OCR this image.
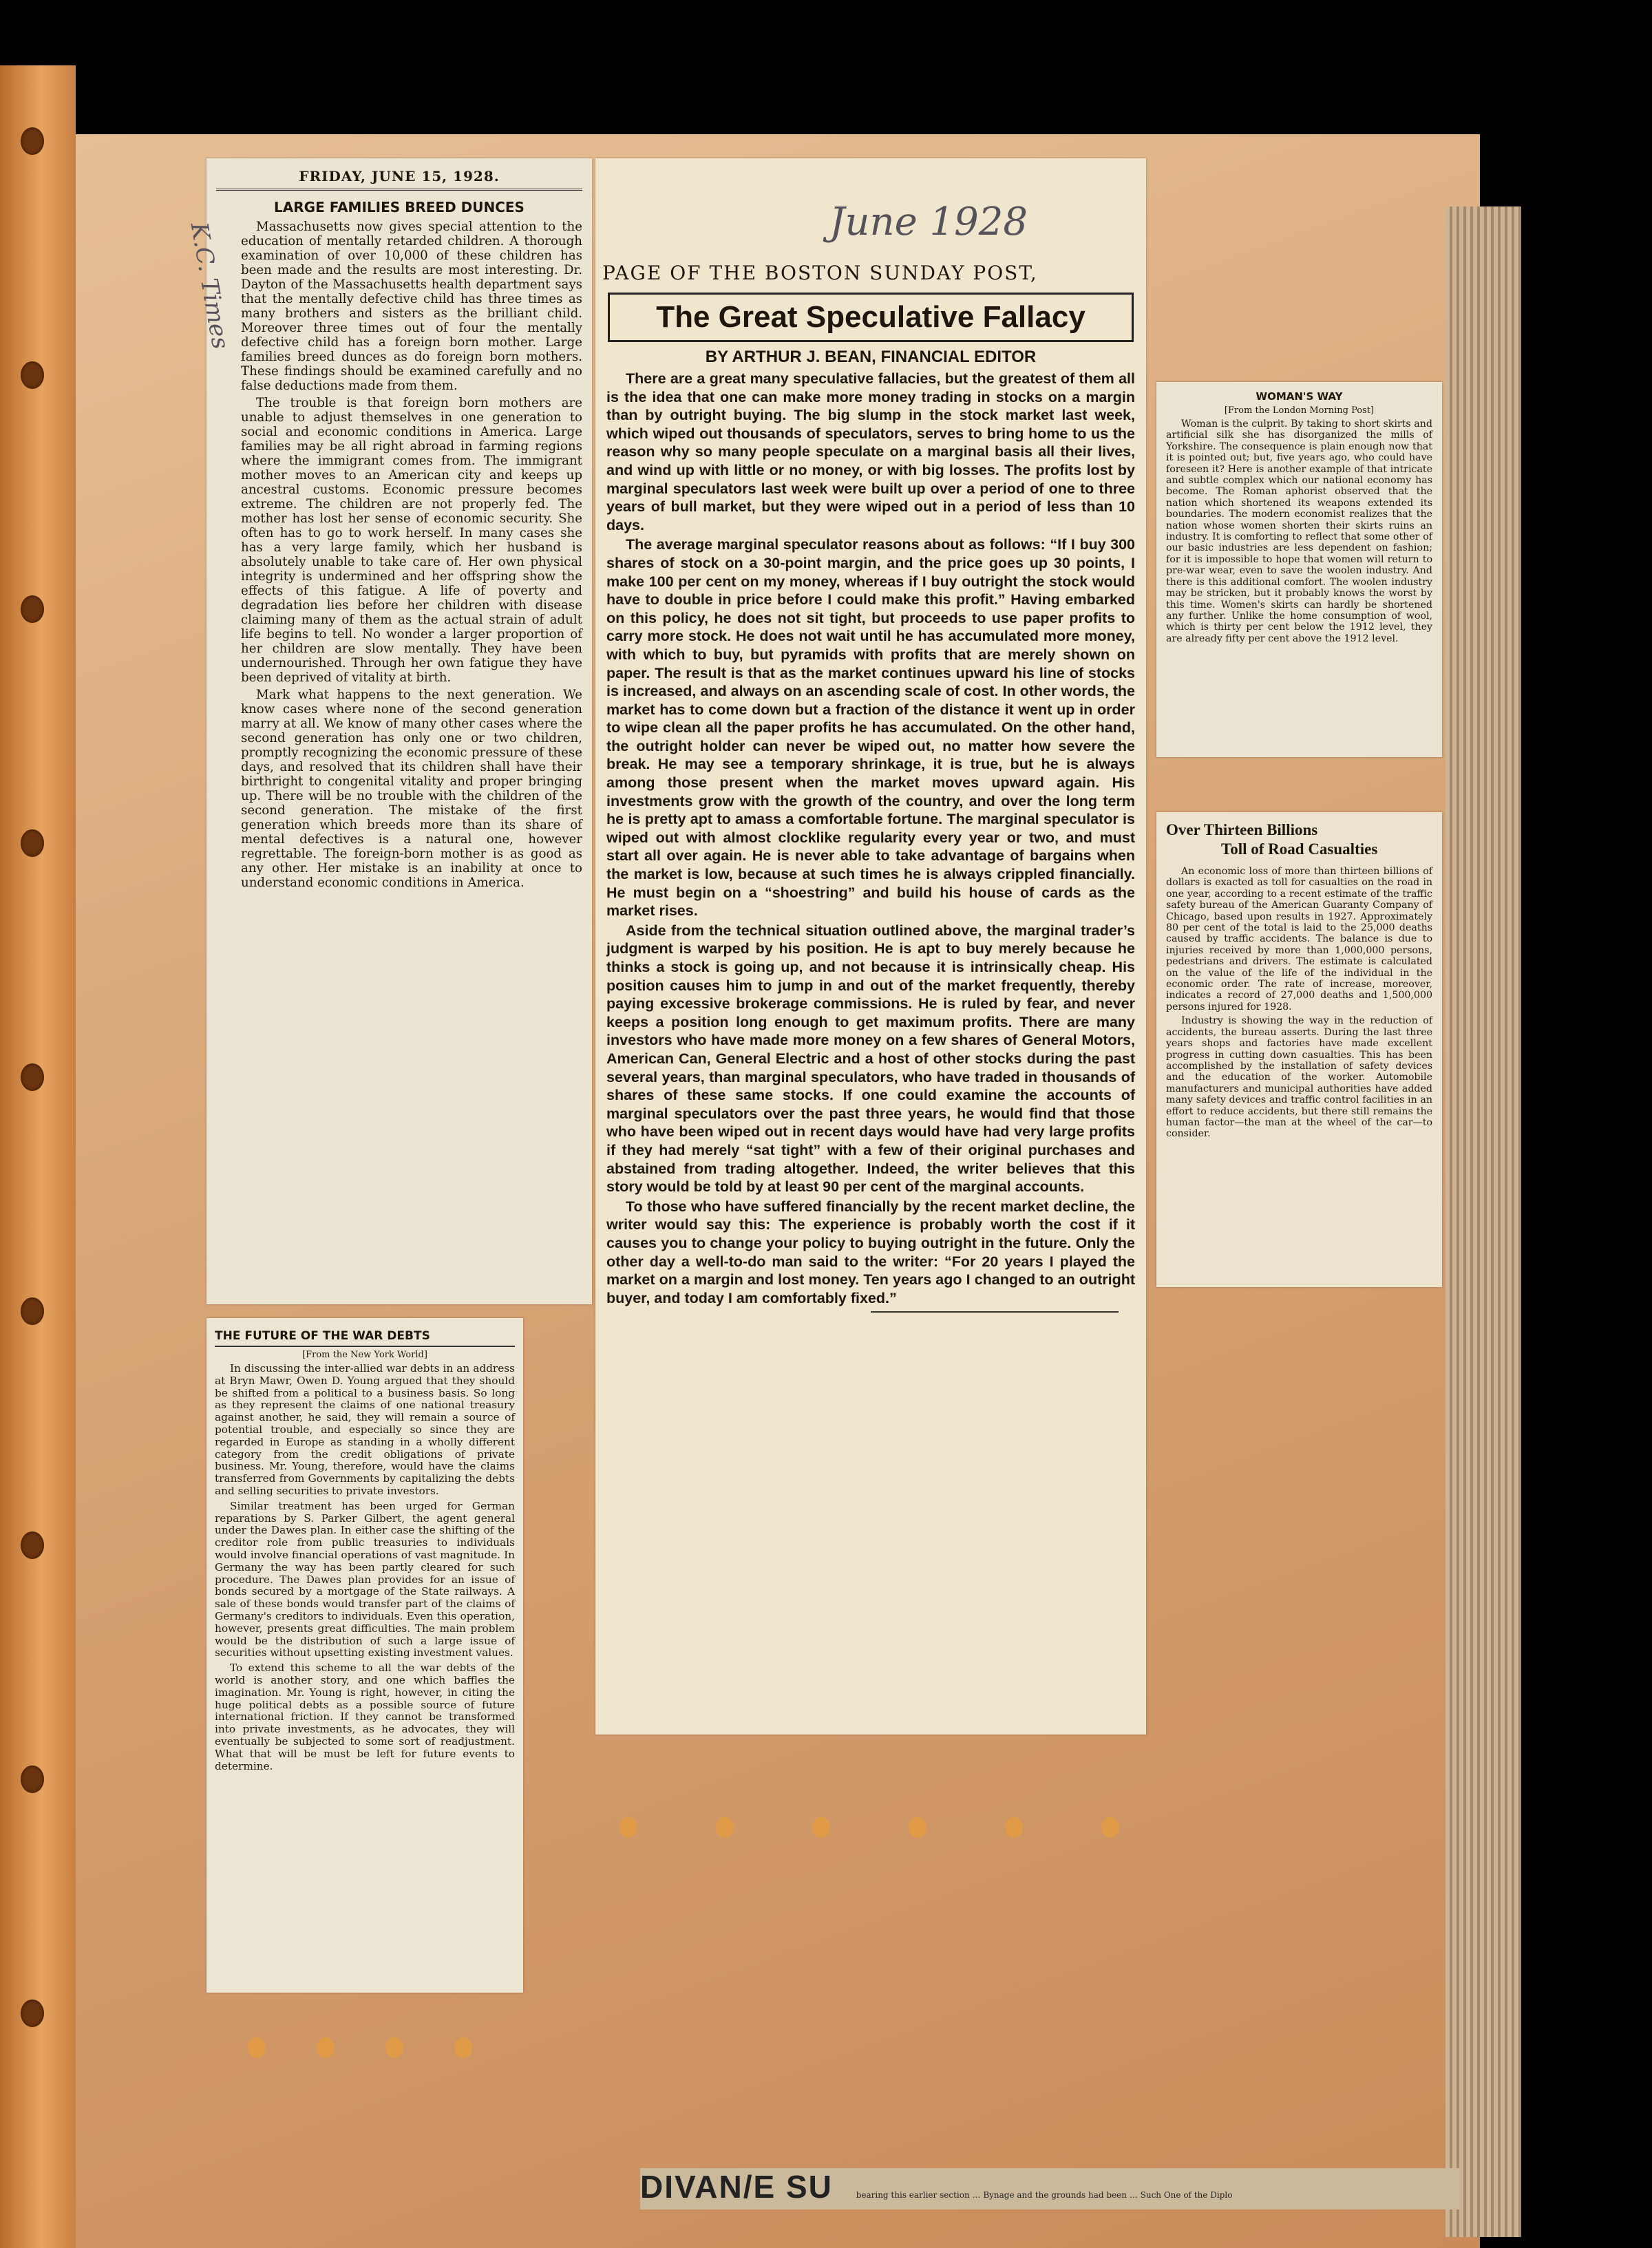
FRIDAY, JUNE 15, 1928.
LARGE FAMILIES BREED DUNCES
K.C. Times	Massachusetts now gives special attention to the education of mentally retarded children. A thorough examination of over 10,000 of these children has been made and the results are most interesting. Dr. Dayton of the Massachusetts health department says that the mentally defective child has three times as many brothers and sisters as the brilliant child. Moreover three times out of four the mentally defective child has a foreign born mother. Large families breed dunces as do foreign born mothers. These findings should be examined carefully and no false deductions made from them.

The trouble is that foreign born mothers are unable to adjust themselves in one generation to social and economic conditions in America. Large families may be all right abroad in farming regions where the immigrant comes from. The immigrant mother moves to an American city and keeps up ancestral customs. Economic pressure becomes extreme. The children are not properly fed. The mother has lost her sense of economic security. She often has to go to work herself. In many cases she has a very large family, which her husband is absolutely unable to take care of. Her own physical integrity is undermined and her offspring show the effects of this fatigue. A life of poverty and degradation lies before her children with disease claiming many of them as the actual strain of adult life begins to tell. No wonder a larger proportion of her children are slow mentally. They have been undernourished. Through her own fatigue they have been deprived of vitality at birth.

Mark what happens to the next generation. We know cases where none of the second generation marry at all. We know of many other cases where the second generation has only one or two children, promptly recognizing the economic pressure of these days, and resolved that its children shall have their birthright to congenital vitality and proper bringing up. There will be no trouble with the children of the second generation. The mistake of the first generation which breeds more than its share of mental defectives is a natural one, however regrettable. The foreign-born mother is as good as any other. Her mistake is an inability at once to understand economic conditions in America.

THE FUTURE OF THE WAR DEBTS
[From the New York World]

In discussing the inter-allied war debts in an address at Bryn Mawr, Owen D. Young argued that they should be shifted from a political to a business basis. So long as they represent the claims of one national treasury against another, he said, they will remain a source of potential trouble, and especially so since they are regarded in Europe as standing in a wholly different category from the credit obligations of private business. Mr. Young, therefore, would have the claims transferred from Governments by capitalizing the debts and selling securities to private investors.

Similar treatment has been urged for German reparations by S. Parker Gilbert, the agent general under the Dawes plan. In either case the shifting of the creditor role from public treasuries to individuals would involve financial operations of vast magnitude. In Germany the way has been partly cleared for such procedure. The Dawes plan provides for an issue of bonds secured by a mortgage of the State railways. A sale of these bonds would transfer part of the claims of Germany's creditors to individuals. Even this operation, however, presents great difficulties. The main problem would be the distribution of such a large issue of securities without upsetting existing investment values.

To extend this scheme to all the war debts of the world is another story, and one which baffles the imagination. Mr. Young is right, however, in citing the huge political debts as a possible source of future international friction. If they cannot be transformed into private investments, as he advocates, they will eventually be subjected to some sort of readjustment. What that will be must be left for future events to determine.

June 1928
PAGE OF THE BOSTON SUNDAY POST,
The Great Speculative Fallacy
BY ARTHUR J. BEAN, FINANCIAL EDITOR

There are a great many speculative fallacies, but the greatest of them all is the idea that one can make more money trading in stocks on a margin than by outright buying. The big slump in the stock market last week, which wiped out thousands of speculators, serves to bring home to us the reason why so many people speculate on a marginal basis all their lives, and wind up with little or no money, or with big losses. The profits lost by marginal speculators last week were built up over a period of one to three years of bull market, but they were wiped out in a period of less than 10 days.

The average marginal speculator reasons about as follows: “If I buy 300 shares of stock on a 30-point margin, and the price goes up 30 points, I make 100 per cent on my money, whereas if I buy outright the stock would have to double in price before I could make this profit.” Having embarked on this policy, he does not sit tight, but proceeds to use paper profits to carry more stock. He does not wait until he has accumulated more money, with which to buy, but pyramids with profits that are merely shown on paper. The result is that as the market continues upward his line of stocks is increased, and always on an ascending scale of cost. In other words, the market has to come down but a fraction of the distance it went up in order to wipe clean all the paper profits he has accumulated. On the other hand, the outright holder can never be wiped out, no matter how severe the break. He may see a temporary shrinkage, it is true, but he is always among those present when the market moves upward again. His investments grow with the growth of the country, and over the long term he is pretty apt to amass a comfortable fortune. The marginal speculator is wiped out with almost clocklike regularity every year or two, and must start all over again. He is never able to take advantage of bargains when the market is low, because at such times he is always crippled financially. He must begin on a “shoestring” and build his house of cards as the market rises.

Aside from the technical situation outlined above, the marginal trader’s judgment is warped by his position. He is apt to buy merely because he thinks a stock is going up, and not because it is intrinsically cheap. His position causes him to jump in and out of the market frequently, thereby paying excessive brokerage commissions. He is ruled by fear, and never keeps a position long enough to get maximum profits. There are many investors who have made more money on a few shares of General Motors, American Can, General Electric and a host of other stocks during the past several years, than marginal speculators, who have traded in thousands of shares of these same stocks. If one could examine the accounts of marginal speculators over the past three years, he would find that those who have been wiped out in recent days would have had very large profits if they had merely “sat tight” with a few of their original purchases and abstained from trading altogether. Indeed, the writer believes that this story would be told by at least 90 per cent of the marginal accounts.

To those who have suffered financially by the recent market decline, the writer would say this: The experience is probably worth the cost if it causes you to change your policy to buying outright in the future. Only the other day a well-to-do man said to the writer: “For 20 years I played the market on a margin and lost money. Ten years ago I changed to an outright buyer, and today I am comfortably fixed.”

WOMAN'S WAY
[From the London Morning Post]

Woman is the culprit. By taking to short skirts and artificial silk she has disorganized the mills of Yorkshire. The consequence is plain enough now that it is pointed out; but, five years ago, who could have foreseen it? Here is another example of that intricate and subtle complex which our national economy has become. The Roman aphorist observed that the nation which shortened its weapons extended its boundaries. The modern economist realizes that the nation whose women shorten their skirts ruins an industry. It is comforting to reflect that some other of our basic industries are less dependent on fashion; for it is impossible to hope that women will return to pre-war wear, even to save the woolen industry. And there is this additional comfort. The woolen industry may be stricken, but it probably knows the worst by this time. Women's skirts can hardly be shortened any further. Unlike the home consumption of wool, which is thirty per cent below the 1912 level, they are already fifty per cent above the 1912 level.

Over Thirteen Billions
Toll of Road Casualties

An economic loss of more than thirteen billions of dollars is exacted as toll for casualties on the road in one year, according to a recent estimate of the traffic safety bureau of the American Guaranty Company of Chicago, based upon results in 1927. Approximately 80 per cent of the total is laid to the 25,000 deaths caused by traffic accidents. The balance is due to injuries received by more than 1,000,000 persons, pedestrians and drivers. The estimate is calculated on the value of the life of the individual in the economic order. The rate of increase, moreover, indicates a record of 27,000 deaths and 1,500,000 persons injured for 1928.

Industry is showing the way in the reduction of accidents, the bureau asserts. During the last three years shops and factories have made excellent progress in cutting down casualties. This has been accomplished by the installation of safety devices and the education of the worker. Automobile manufacturers and municipal authorities have added many safety devices and traffic control facilities in an effort to reduce accidents, but there still remains the human factor—the man at the wheel of the car—to consider.

DIVAN/E SU	bearing this earlier section … Bynage and the grounds had been … Such One of the Diplo
